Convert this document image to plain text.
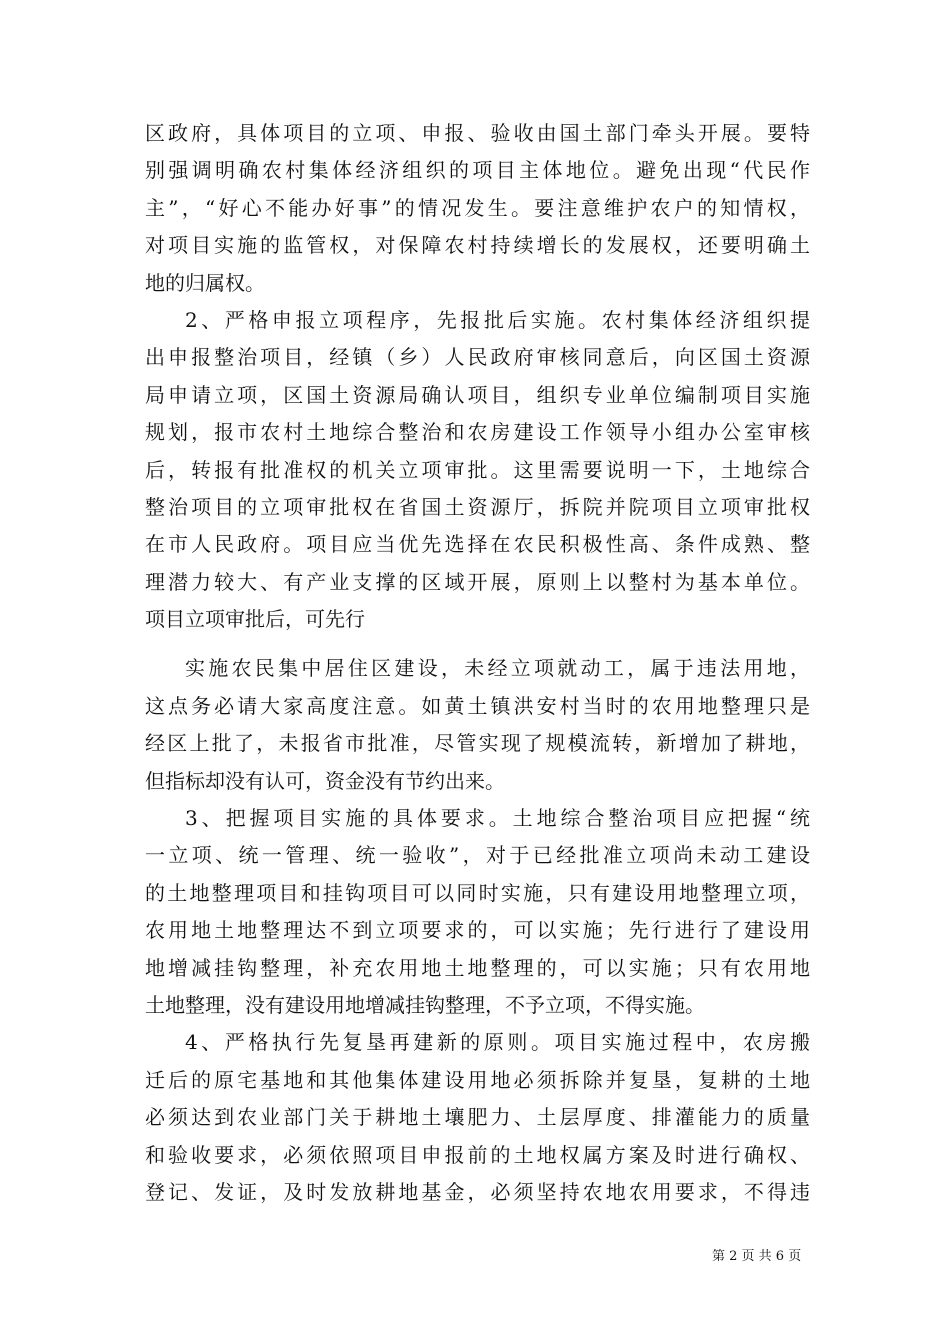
区政府，具体项目的立项、申报、验收由国土部门牵头开展。要特
别强调明确农村集体经济组织的项目主体地位。避免出现“代民作
主”，“好心不能办好事”的情况发生。要注意维护农户的知情权，
对项目实施的监管权，对保障农村持续增长的发展权，还要明确土
地的归属权。
2、严格申报立项程序，先报批后实施。农村集体经济组织提
出申报整治项目，经镇（乡）人民政府审核同意后，向区国土资源
局申请立项，区国土资源局确认项目，组织专业单位编制项目实施
规划，报市农村土地综合整治和农房建设工作领导小组办公室审核
后，转报有批准权的机关立项审批。这里需要说明一下，土地综合
整治项目的立项审批权在省国土资源厅，拆院并院项目立项审批权
在市人民政府。项目应当优先选择在农民积极性高、条件成熟、整
理潜力较大、有产业支撑的区域开展，原则上以整村为基本单位。
项目立项审批后，可先行
实施农民集中居住区建设，未经立项就动工，属于违法用地，
这点务必请大家高度注意。如黄土镇洪安村当时的农用地整理只是
经区上批了，未报省市批准，尽管实现了规模流转，新增加了耕地，
但指标却没有认可，资金没有节约出来。
3、把握项目实施的具体要求。土地综合整治项目应把握“统
一立项、统一管理、统一验收”，对于已经批准立项尚未动工建设
的土地整理项目和挂钩项目可以同时实施，只有建设用地整理立项，
农用地土地整理达不到立项要求的，可以实施；先行进行了建设用
地增减挂钩整理，补充农用地土地整理的，可以实施；只有农用地
土地整理，没有建设用地增减挂钩整理，不予立项，不得实施。
4、严格执行先复垦再建新的原则。项目实施过程中，农房搬
迁后的原宅基地和其他集体建设用地必须拆除并复垦，复耕的土地
必须达到农业部门关于耕地土壤肥力、土层厚度、排灌能力的质量
和验收要求，必须依照项目申报前的土地权属方案及时进行确权、
登记、发证，及时发放耕地基金，必须坚持农地农用要求，不得违
第 2 页 共 6 页
